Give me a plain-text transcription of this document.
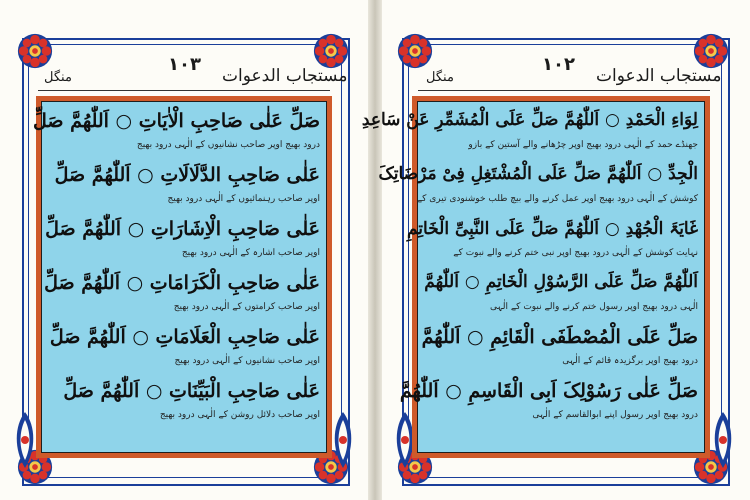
١٠٣
مستجاب الدعوات
منگل
صَلِّ عَلٰی صَاحِبِ الْاٰیَاتِ ○ اَللّٰھُمَّ صَلِّ
درود بھیج اوپر صاحب نشانیوں کے الٰہی درود بھیج
عَلٰی صَاحِبِ الدَّلَالَاتِ ○ اَللّٰھُمَّ صَلِّ
اوپر صاحب رہنمائیوں کے الٰہی درود بھیج
عَلٰی صَاحِبِ الْاِشَارَاتِ ○ اَللّٰھُمَّ صَلِّ
اوپر صاحب اشارہ کے الٰہی درود بھیج
عَلٰی صَاحِبِ الْکَرَامَاتِ ○ اَللّٰھُمَّ صَلِّ
اوپر صاحب کرامتوں کے الٰہی درود بھیج
عَلٰی صَاحِبِ الْعَلَامَاتِ ○ اَللّٰھُمَّ صَلِّ
اوپر صاحب نشانیوں کے الٰہی درود بھیج
عَلٰی صَاحِبِ الْبَیِّنَاتِ ○ اَللّٰھُمَّ صَلِّ
اوپر صاحب دلائل روشن کے الٰہی درود بھیج
١٠٢
مستجاب الدعوات
منگل
لِوَاءِ الْحَمْدِ ○ اَللّٰھُمَّ صَلِّ عَلَی الْمُشَمِّرِ عَنْ سَاعِدِ
جھنڈے حمد کے الٰہی درود بھیج اوپر چڑھانے والے آستین کے بازو
الْجِدِّ ○ اَللّٰھُمَّ صَلِّ عَلَی الْمُشْتَغِلِ فِیْ مَرْضَاتِکَ
کوشش کے الٰہی درود بھیج اوپر عمل کرنے والے بیچ طلب خوشنودی تیری کے
غَایَۃَ الْجُھْدِ ○ اَللّٰھُمَّ صَلِّ عَلَی النَّبِیِّ الْخَاتِمِ
نہایت کوشش کے الٰہی درود بھیج اوپر نبی ختم کرنے والے نبوت کے
اَللّٰھُمَّ صَلِّ عَلَی الرَّسُوْلِ الْخَاتِمِ ○ اَللّٰھُمَّ
الٰہی درود بھیج اوپر رسول ختم کرنے والے نبوت کے الٰہی
صَلِّ عَلَی الْمُصْطَفَی الْقَائِمِ ○ اَللّٰھُمَّ
درود بھیج اوپر برگزیدہ قائم کے الٰہی
صَلِّ عَلٰی رَسُوْلِکَ اَبِی الْقَاسِمِ ○ اَللّٰھُمَّ
درود بھیج اوپر رسول اپنے ابوالقاسم کے الٰہی
